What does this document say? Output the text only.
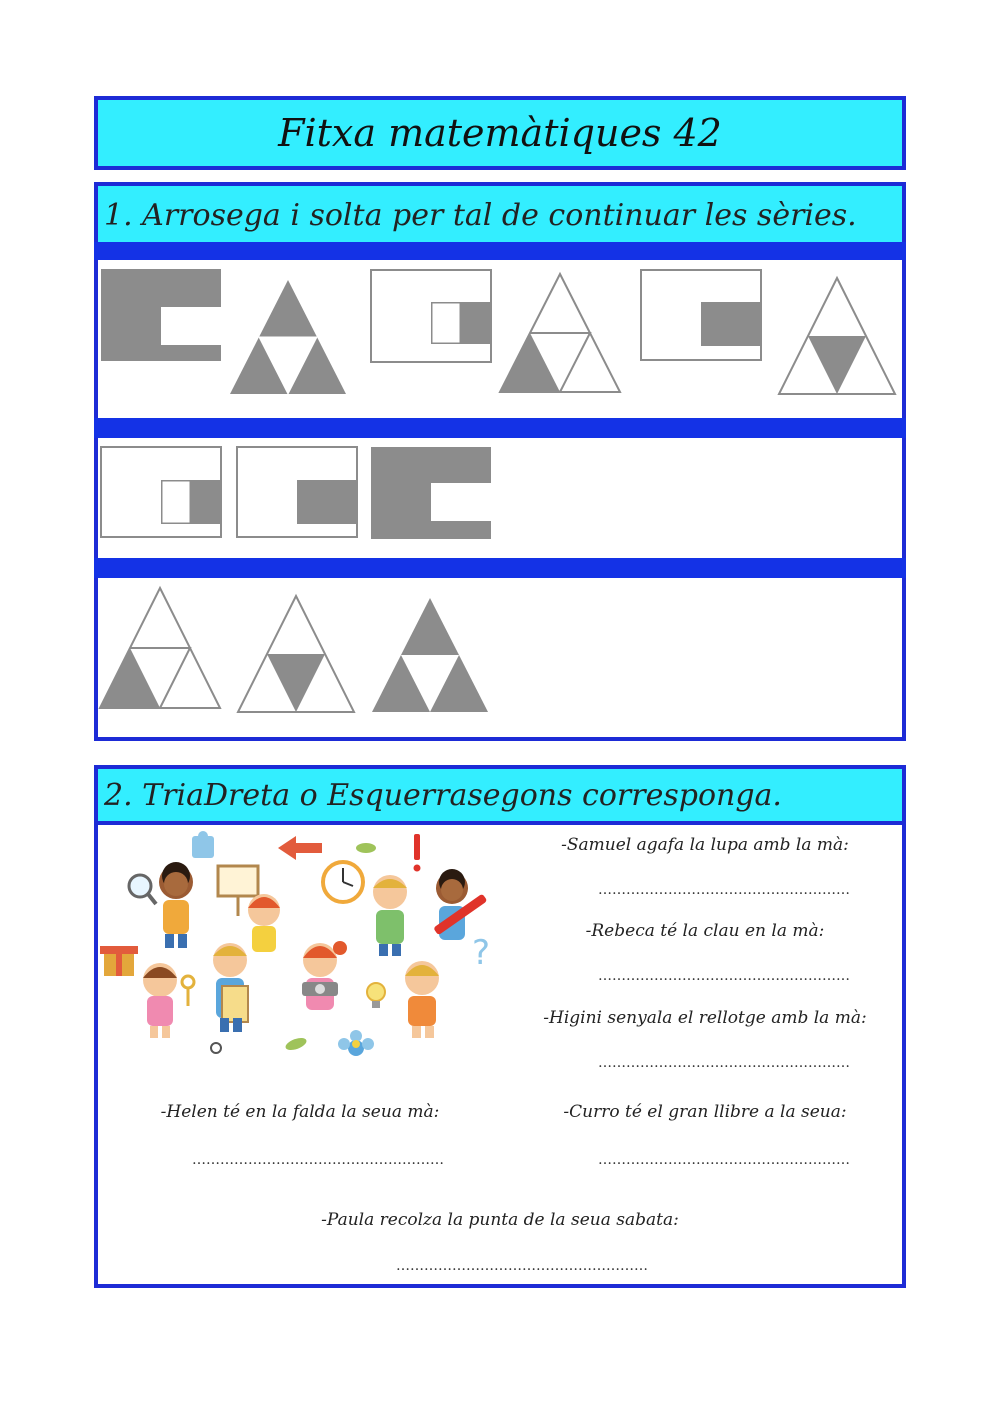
Fitxa matemàtiques 42
1. Arrosega i solta per tal de continuar les sèries.
2. Tria Dreta o Esquerra segons corresponga.
?
-Samuel agafa la lupa amb la mà:
………………………………………………
-Rebeca té la clau en la mà:
………………………………………………
-Higini senyala el rellotge amb la mà:
………………………………………………
-Helen té en la falda la seua mà:
………………………………………………
-Curro té el gran llibre a la seua:
………………………………………………
-Paula recolza la punta de la seua sabata:
………………………………………………
